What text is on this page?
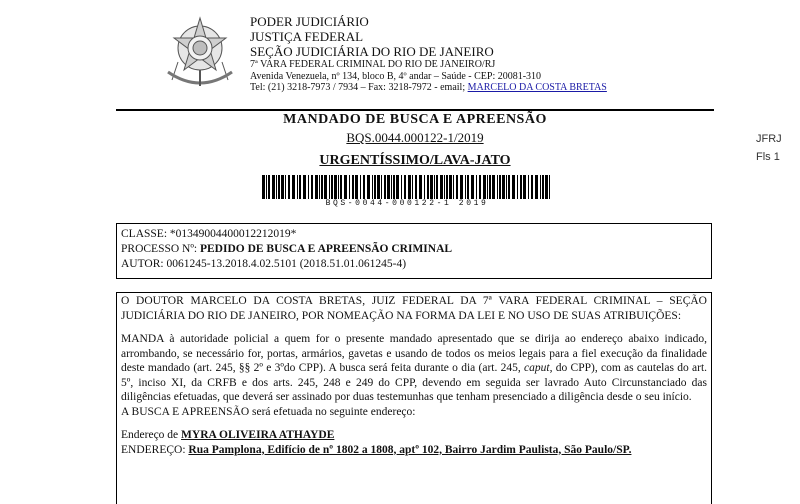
PODER JUDICIÁRIO
JUSTIÇA FEDERAL
SEÇÃO JUDICIÁRIA DO RIO DE JANEIRO
7ª VARA FEDERAL CRIMINAL DO RIO DE JANEIRO/RJ
Avenida Venezuela, nº 134, bloco B, 4º andar – Saúde - CEP: 20081-310
Tel: (21) 3218-7973 / 7934 – Fax: 3218-7972 - email; MARCELO DA COSTA BRETAS
JFRJ
Fls 1
MANDADO DE BUSCA E APREENSÃO
BQS.0044.000122-1/2019
URGENTÍSSIMO/LAVA-JATO
BQS-0044-000122-1 2019
CLASSE: *01349004400012212019*
PROCESSO Nº: PEDIDO DE BUSCA E APREENSÃO CRIMINAL
AUTOR: 0061245-13.2018.4.02.5101 (2018.51.01.061245-4)

O DOUTOR MARCELO DA COSTA BRETAS, JUIZ FEDERAL DA 7ª VARA FEDERAL CRIMINAL – SEÇÃO JUDICIÁRIA DO RIO DE JANEIRO, POR NOMEAÇÃO NA FORMA DA LEI E NO USO DE SUAS ATRIBUIÇÕES:

MANDA à autoridade policial a quem for o presente mandado apresentado que se dirija ao endereço abaixo indicado, arrombando, se necessário for, portas, armários, gavetas e usando de todos os meios legais para a fiel execução da finalidade deste mandado (art. 245, §§ 2º e 3ºdo CPP). A busca será feita durante o dia (art. 245, caput, do CPP), com as cautelas do art. 5º, inciso XI, da CRFB e dos arts. 245, 248 e 249 do CPP, devendo em seguida ser lavrado Auto Circunstanciado das diligências efetuadas, que deverá ser assinado por duas testemunhas que tenham presenciado a diligência desde o seu início.

A BUSCA E APREENSÃO será efetuada no seguinte endereço:

Endereço de MYRA OLIVEIRA ATHAYDE
ENDEREÇO: Rua Pamplona, Edifício de nº 1802 a 1808, aptº 102, Bairro Jardim Paulista, São Paulo/SP.
